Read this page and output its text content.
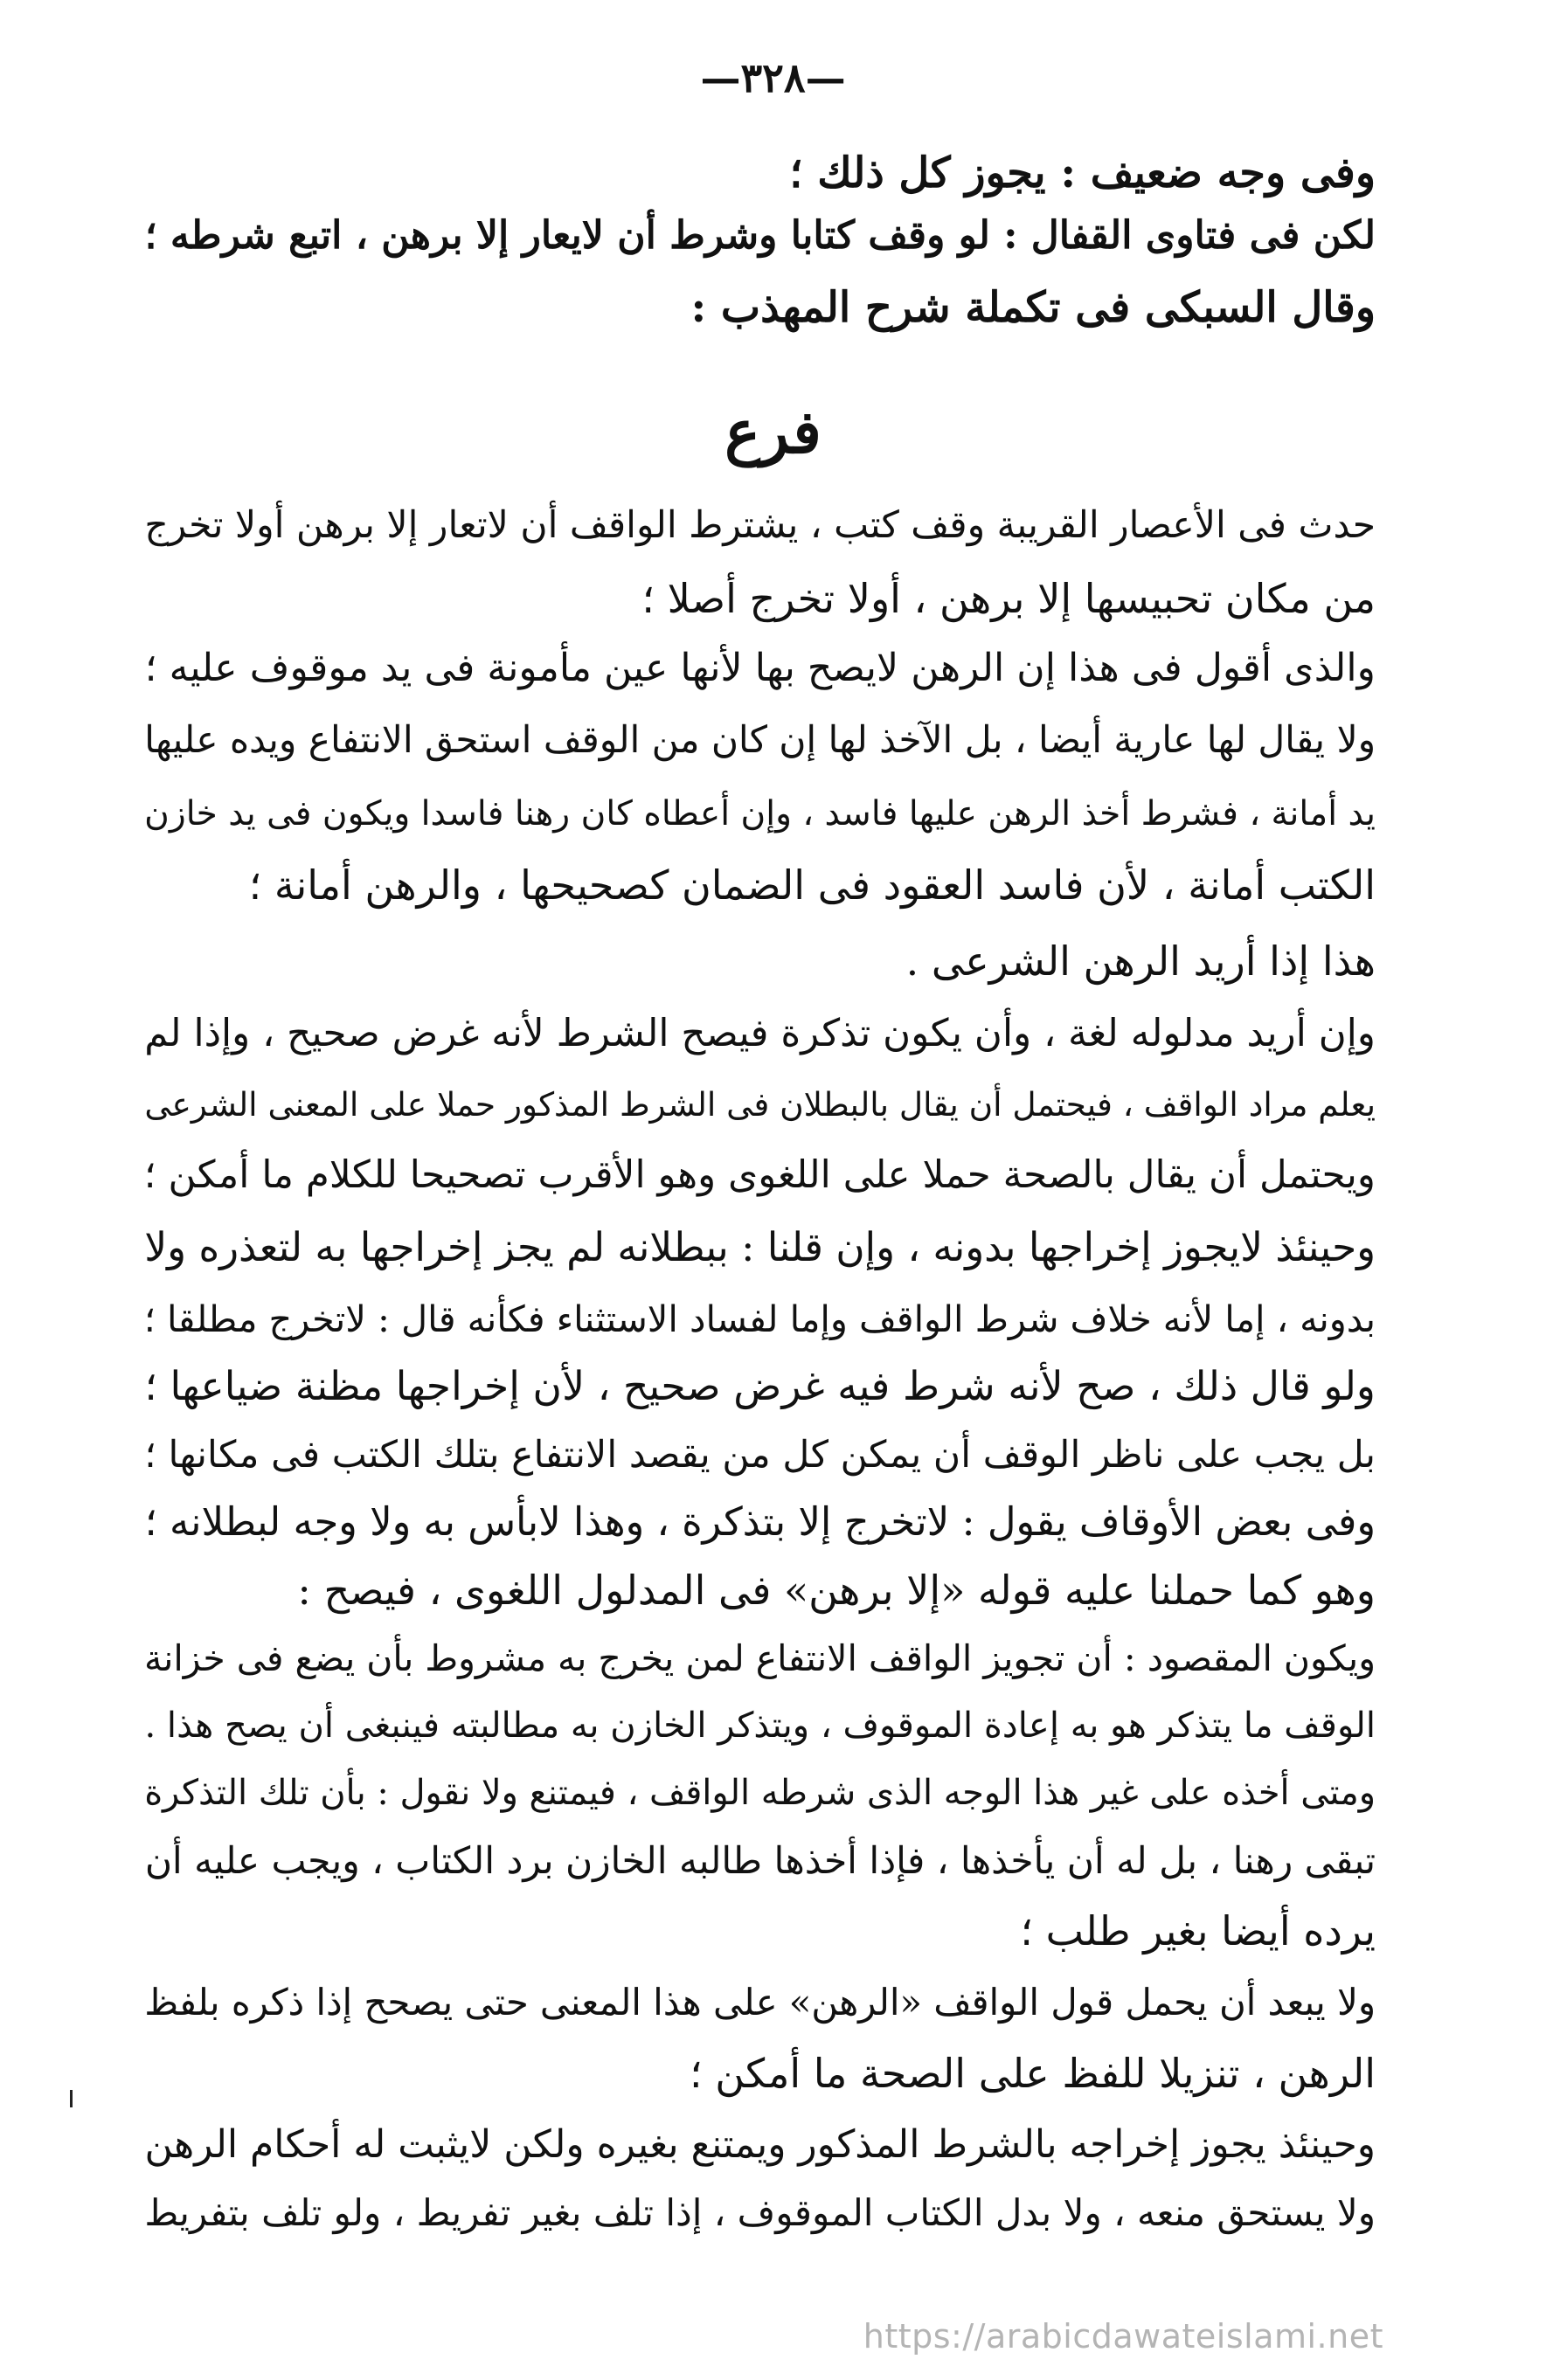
—٣٢٨—
وفى وجه ضعيف : يجوز كل ذلك ؛
لكن فى فتاوى القفال : لو وقف كتابا وشرط أن لايعار إلا برهن ، اتبع شرطه ؛
وقال السبكى فى تكملة شرح المهذب :
فرع
حدث فى الأعصار القريبة وقف كتب ، يشترط الواقف أن لاتعار إلا برهن أولا تخرج
من مكان تحبيسها إلا برهن ، أولا تخرج أصلا ؛
والذى أقول فى هذا إن الرهن لايصح بها لأنها عين مأمونة فى يد موقوف عليه ؛
ولا يقال لها عارية أيضا ، بل الآخذ لها إن كان من الوقف استحق الانتفاع ويده عليها
يد أمانة ، فشرط أخذ الرهن عليها فاسد ، وإن أعطاه كان رهنا فاسدا ويكون فى يد خازن
الكتب أمانة ، لأن فاسد العقود فى الضمان كصحيحها ، والرهن أمانة ؛
هذا إذا أريد الرهن الشرعى .
وإن أريد مدلوله لغة ، وأن يكون تذكرة فيصح الشرط لأنه غرض صحيح ، وإذا لم
يعلم مراد الواقف ، فيحتمل أن يقال بالبطلان فى الشرط المذكور حملا على المعنى الشرعى
ويحتمل أن يقال بالصحة حملا على اللغوى وهو الأقرب تصحيحا للكلام ما أمكن ؛
وحينئذ لايجوز إخراجها بدونه ، وإن قلنا : ببطلانه لم يجز إخراجها به لتعذره ولا
بدونه ، إما لأنه خلاف شرط الواقف وإما لفساد الاستثناء فكأنه قال : لاتخرج مطلقا ؛
ولو قال ذلك ، صح لأنه شرط فيه غرض صحيح ، لأن إخراجها مظنة ضياعها ؛
بل يجب على ناظر الوقف أن يمكن كل من يقصد الانتفاع بتلك الكتب فى مكانها ؛
وفى بعض الأوقاف يقول : لاتخرج إلا بتذكرة ، وهذا لابأس به ولا وجه لبطلانه ؛
وهو كما حملنا عليه قوله «إلا برهن» فى المدلول اللغوى ، فيصح :
ويكون المقصود : أن تجويز الواقف الانتفاع لمن يخرج به مشروط بأن يضع فى خزانة
الوقف ما يتذكر هو به إعادة الموقوف ، ويتذكر الخازن به مطالبته فينبغى أن يصح هذا .
ومتى أخذه على غير هذا الوجه الذى شرطه الواقف ، فيمتنع ولا نقول : بأن تلك التذكرة
تبقى رهنا ، بل له أن يأخذها ، فإذا أخذها طالبه الخازن برد الكتاب ، ويجب عليه أن
يرده أيضا بغير طلب ؛
ولا يبعد أن يحمل قول الواقف «الرهن» على هذا المعنى حتى يصحح إذا ذكره بلفظ
الرهن ، تنزيلا للفظ على الصحة ما أمكن ؛
وحينئذ يجوز إخراجه بالشرط المذكور ويمتنع بغيره ولكن لايثبت له أحكام الرهن
ولا يستحق منعه ، ولا بدل الكتاب الموقوف ، إذا تلف بغير تفريط ، ولو تلف بتفريط
https://arabicdawateislami.net
